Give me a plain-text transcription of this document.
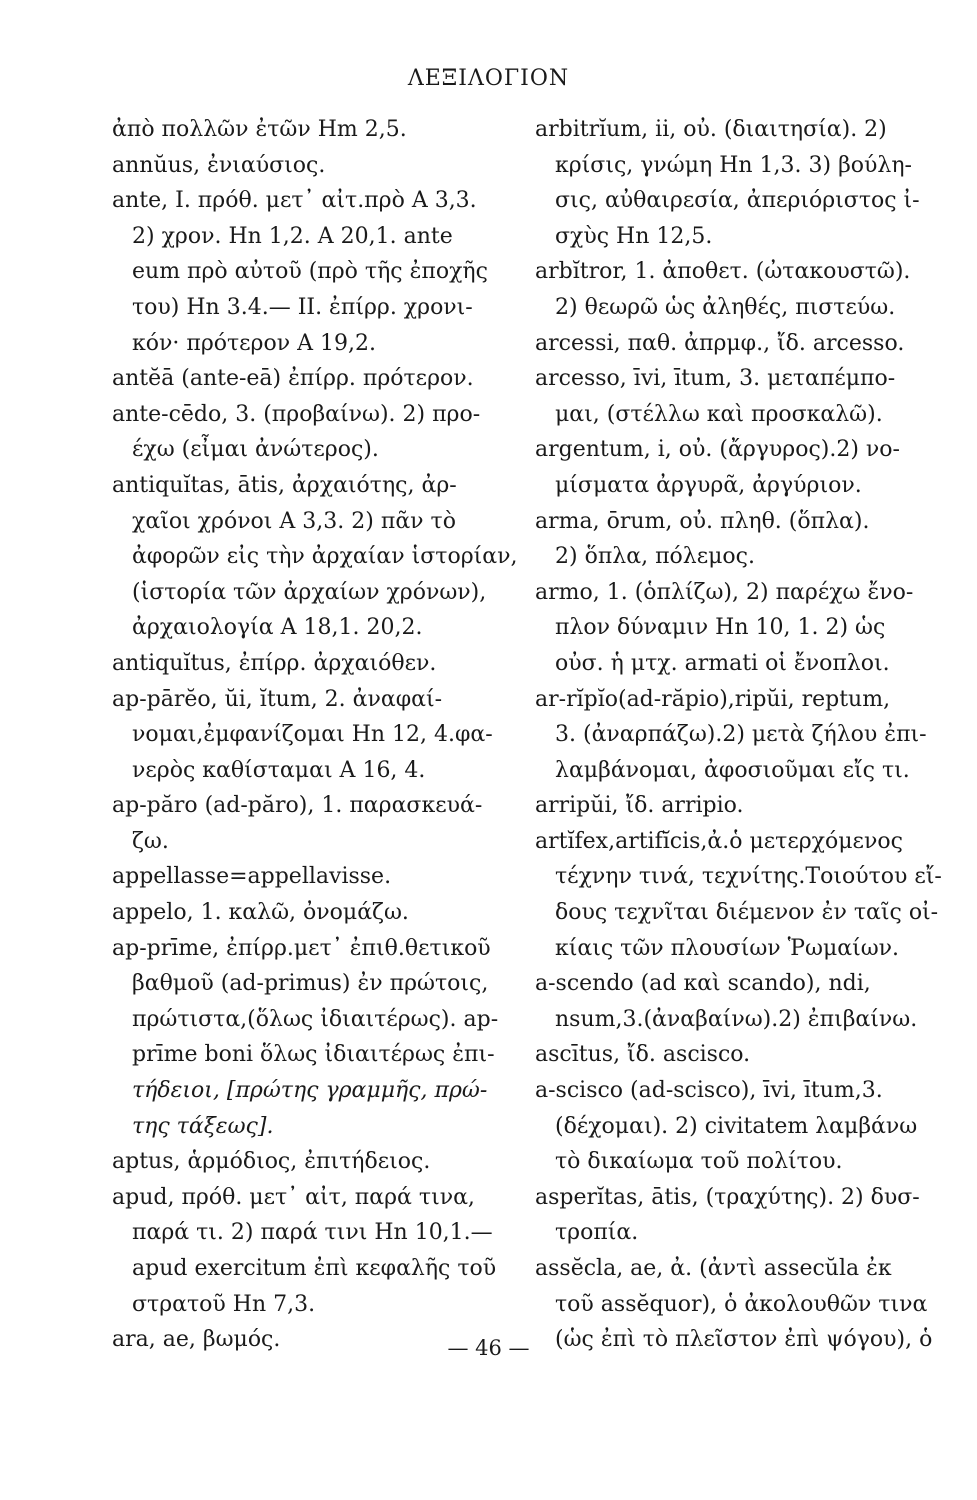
ΛΕΞΙΛΟΓΙΟΝ
ἀπὸ πολλῶν ἐτῶν Hm 2,5.
annŭus, ἐνιαύσιος.
ante, I. πρόθ. μετ᾽ αἰτ.πρὸ A 3,3.
2) χρον. Hn 1,2. A 20,1. ante
eum πρὸ αὐτοῦ (πρὸ τῆς ἐποχῆς
του) Hn 3.4.— II. ἐπίρρ. χρονι-
κόν· πρότερον A 19,2.
antĕā (ante-eā) ἐπίρρ. πρότερον.
ante-cēdo, 3. (προβαίνω). 2) προ-
έχω (εἶμαι ἀνώτερος).
antiquĭtas, ātis, ἀρχαιότης, ἀρ-
χαῖοι χρόνοι A 3,3. 2) πᾶν τὸ
ἀφορῶν εἰς τὴν ἀρχαίαν ἱστορίαν,
(ἱστορία τῶν ἀρχαίων χρόνων),
ἀρχαιολογία A 18,1. 20,2.
antiquĭtus, ἐπίρρ. ἀρχαιόθεν.
ap-pārĕo, ŭi, ĭtum, 2. ἀναφαί-
νομαι,ἐμφανίζομαι Hn 12, 4.φα-
νερὸς καθίσταμαι A 16, 4.
ap-păro (ad-păro), 1. παρασκευά-
ζω.
appellasse=appellavisse.
appelo, 1. καλῶ, ὀνομάζω.
ap-prīme, ἐπίρρ.μετ᾽ ἐπιθ.θετικοῦ
βαθμοῦ (ad-primus) ἐν πρώτοις,
πρώτιστα,(ὅλως ἰδιαιτέρως). ap-
prīme boni ὅλως ἰδιαιτέρως ἐπι-
τήδειοι, [πρώτης γραμμῆς, πρώ-
της τάξεως].
aptus, ἁρμόδιος, ἐπιτήδειος.
apud, πρόθ. μετ᾽ αἰτ, παρά τινα,
παρά τι. 2) παρά τινι Hn 10,1.—
apud exercitum ἐπὶ κεφαλῆς τοῦ
στρατοῦ Hn 7,3.
ara, ae, βωμός.
arbitrĭum, ii, οὐ. (διαιτησία). 2)
κρίσις, γνώμη Hn 1,3. 3) βούλη-
σις, αὐθαιρεσία, ἀπεριόριστος ἰ-
σχὺς Hn 12,5.
arbĭtror, 1. ἀποθετ. (ὠτακουστῶ).
2) θεωρῶ ὡς ἀληθές, πιστεύω.
arcessi, παθ. ἀπρμφ., ἴδ. arcesso.
arcesso, īvi, ītum, 3. μεταπέμπο-
μαι, (στέλλω καὶ προσκαλῶ).
argentum, i, οὐ. (ἄργυρος).2) νο-
μίσματα ἀργυρᾶ, ἀργύριον.
arma, ōrum, οὐ. πληθ. (ὅπλα).
2) ὅπλα, πόλεμος.
armo, 1. (ὁπλίζω), 2) παρέχω ἔνο-
πλον δύναμιν Hn 10, 1. 2) ὡς
οὐσ. ἡ μτχ. armati οἱ ἔνοπλοι.
ar-rĭpĭo(ad-răpio),ripŭi, reptum,
3. (ἀναρπάζω).2) μετὰ ζήλου ἐπι-
λαμβάνομαι, ἀφοσιοῦμαι εἴς τι.
arripŭi, ἴδ. arripio.
artĭfex,artifĭcis,ἀ.ὁ μετερχόμενος
τέχνην τινά, τεχνίτης.Τοιούτου εἴ-
δους τεχνῖται διέμενον ἐν ταῖς οἰ-
κίαις τῶν πλουσίων Ῥωμαίων.
a-scendo (ad καὶ scando), ndi,
nsum,3.(ἀναβαίνω).2) ἐπιβαίνω.
ascītus, ἴδ. ascisco.
a-scisco (ad-scisco), īvi, ītum,3.
(δέχομαι). 2) civitatem λαμβάνω
τὸ δικαίωμα τοῦ πολίτου.
asperĭtas, ātis, (τραχύτης). 2) δυσ-
τροπία.
assĕcla, ae, ἀ. (ἀντὶ assecŭla ἐκ
τοῦ assĕquor), ὁ ἀκολουθῶν τινα
(ὡς ἐπὶ τὸ πλεῖστον ἐπὶ ψόγου), ὁ
— 46 —
